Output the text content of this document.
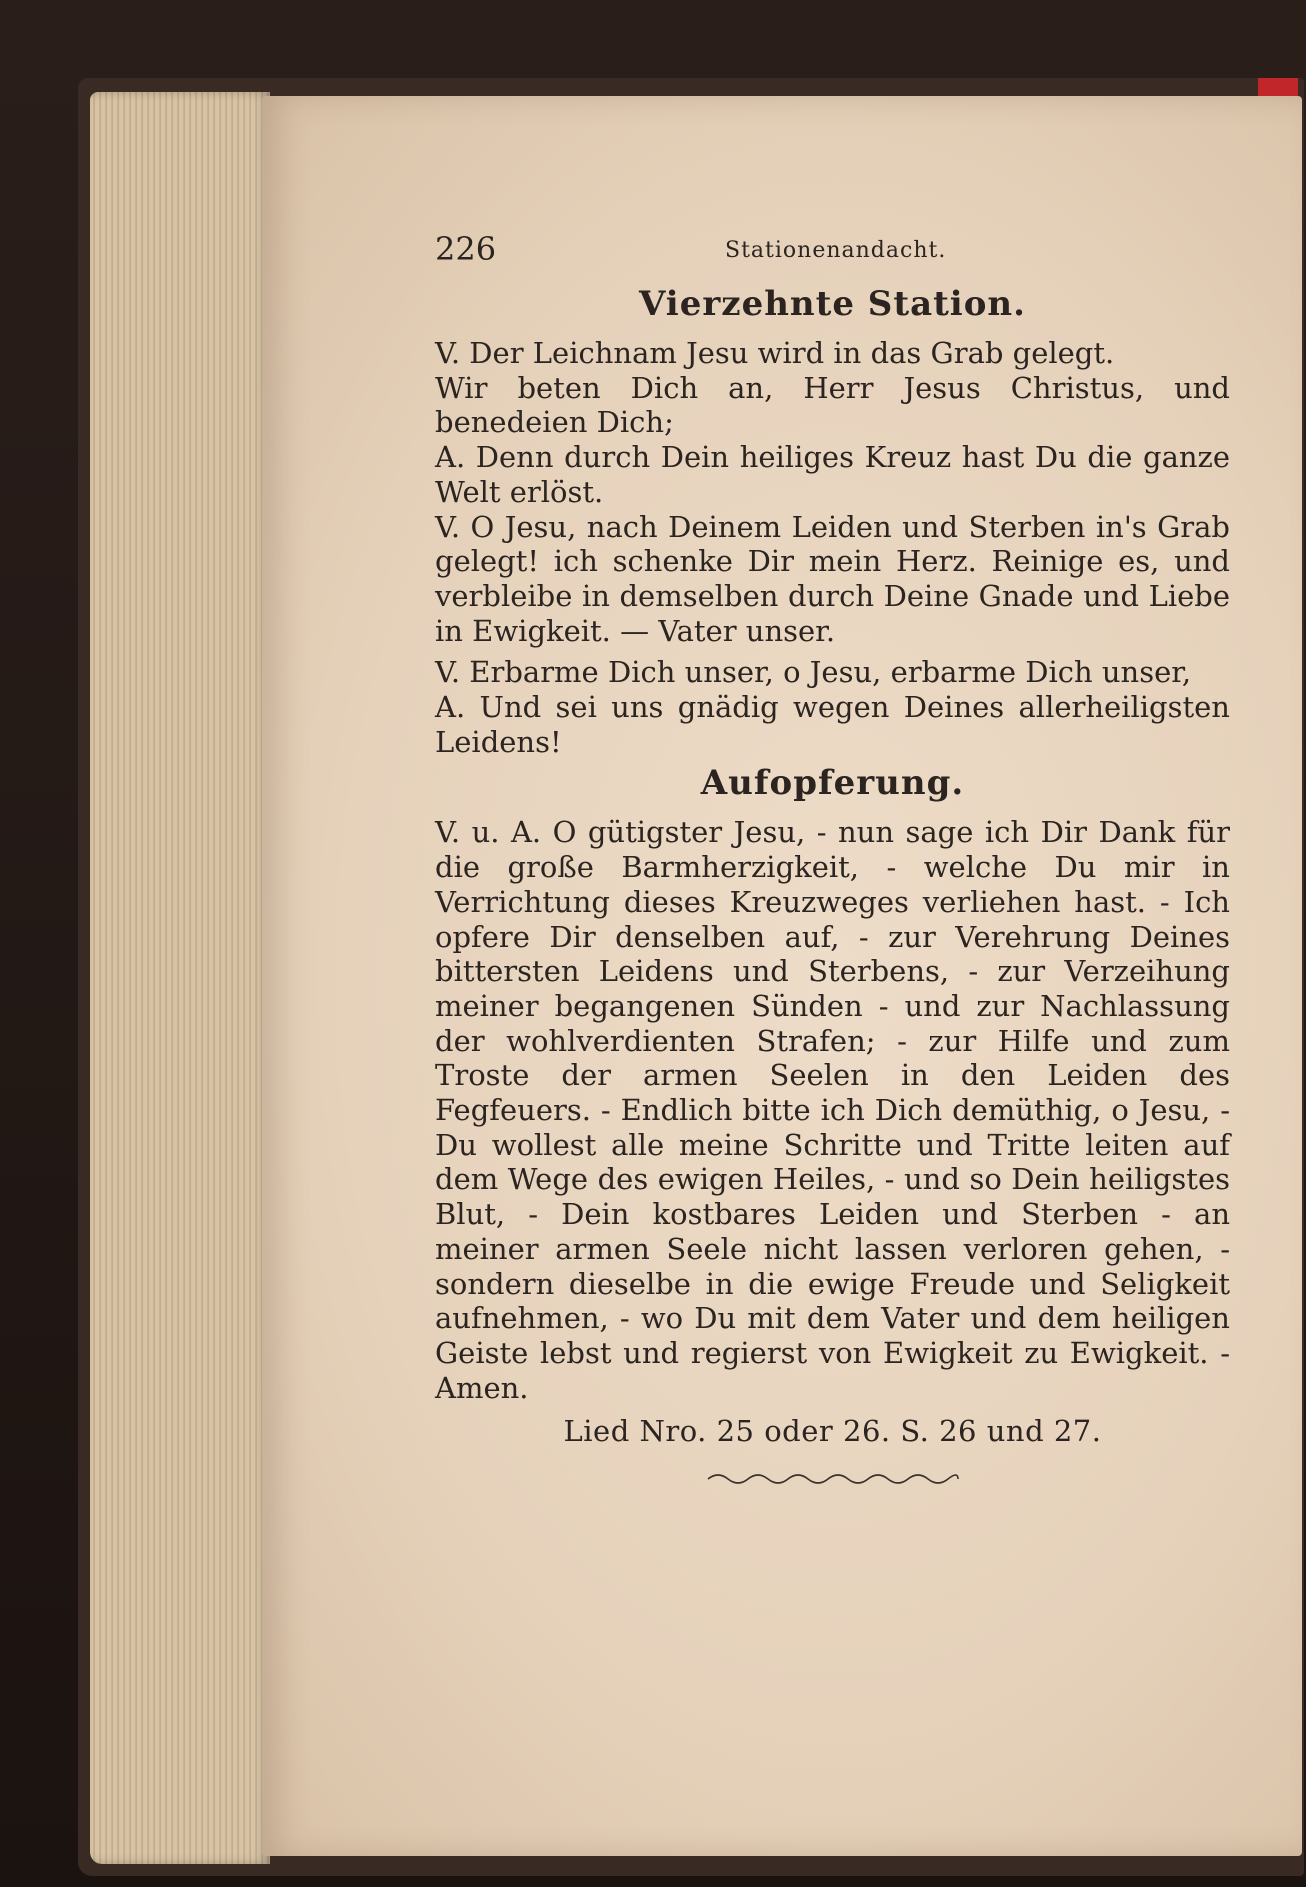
226	Stationenandacht.
Vierzehnte Station.

V. Der Leichnam Jesu wird in das Grab gelegt.

Wir beten Dich an, Herr Jesus Christus, und benedeien Dich;

A. Denn durch Dein heiliges Kreuz hast Du die ganze Welt erlöst.

V. O Jesu, nach Deinem Leiden und Sterben in's Grab gelegt! ich schenke Dir mein Herz. Reinige es, und verbleibe in demselben durch Deine Gnade und Liebe in Ewigkeit. — Vater unser.

V. Erbarme Dich unser, o Jesu, erbarme Dich unser,

A. Und sei uns gnädig wegen Deines allerheiligsten Leidens!

Aufopferung.

V. u. A. O gütigster Jesu, - nun sage ich Dir Dank für die große Barmherzigkeit, - welche Du mir in Verrichtung dieses Kreuzweges verliehen hast. - Ich opfere Dir denselben auf, - zur Verehrung Deines bittersten Leidens und Sterbens, - zur Verzeihung meiner begangenen Sünden - und zur Nachlassung der wohlverdienten Strafen; - zur Hilfe und zum Troste der armen Seelen in den Leiden des Fegfeuers. - Endlich bitte ich Dich demüthig, o Jesu, - Du wollest alle meine Schritte und Tritte leiten auf dem Wege des ewigen Heiles, - und so Dein heiligstes Blut, - Dein kostbares Leiden und Sterben - an meiner armen Seele nicht lassen verloren gehen, - sondern dieselbe in die ewige Freude und Seligkeit aufnehmen, - wo Du mit dem Vater und dem heiligen Geiste lebst und regierst von Ewigkeit zu Ewigkeit. - Amen.

Lied Nro. 25 oder 26. S. 26 und 27.
